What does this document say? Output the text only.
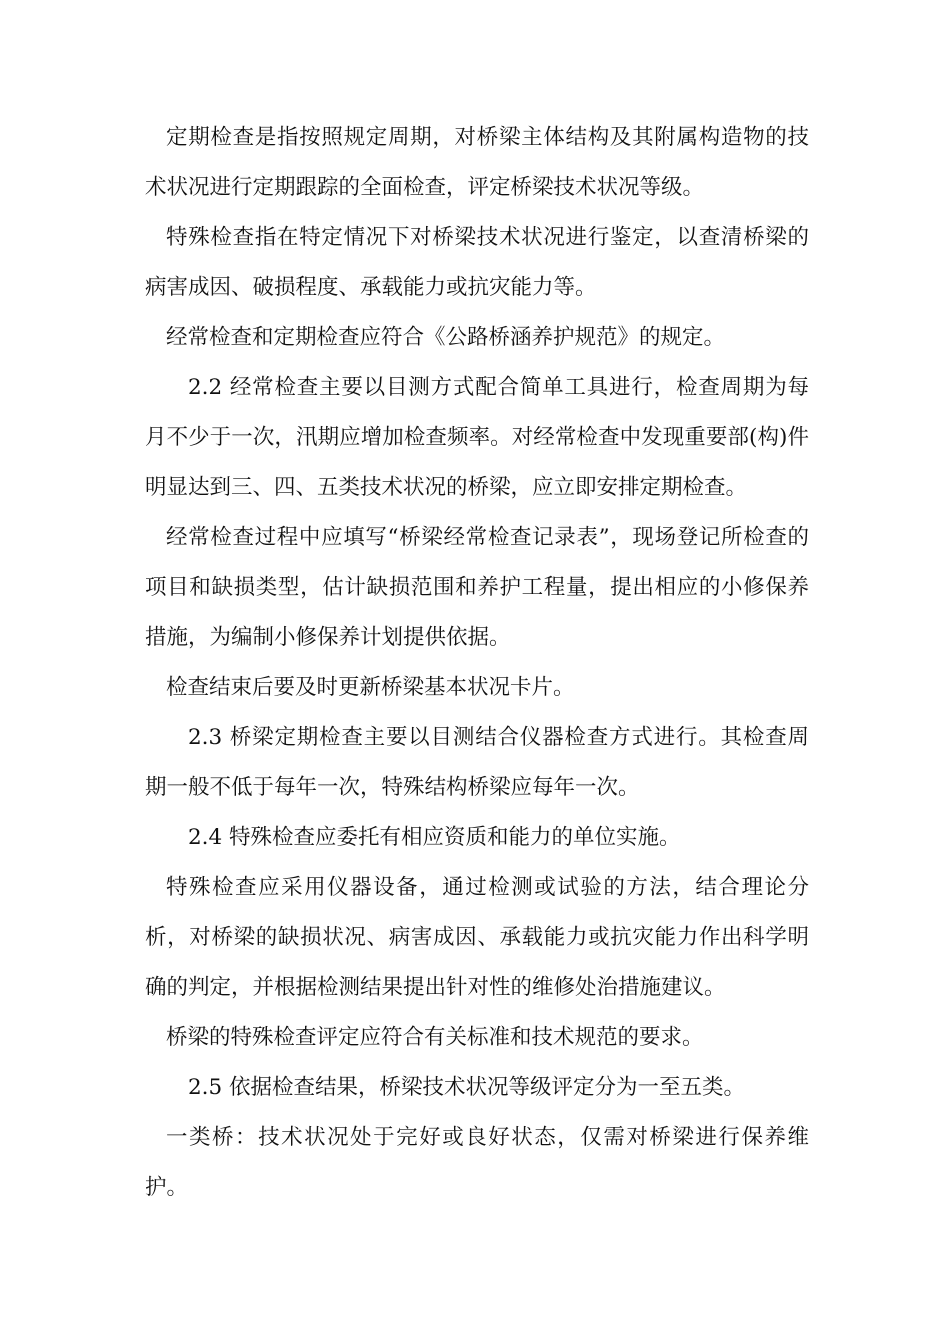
定期检查是指按照规定周期，对桥梁主体结构及其附属构造物的技术状况进行定期跟踪的全面检查，评定桥梁技术状况等级。

特殊检查指在特定情况下对桥梁技术状况进行鉴定，以查清桥梁的病害成因、破损程度、承载能力或抗灾能力等。

经常检查和定期检查应符合《公路桥涵养护规范》的规定。

2.2 经常检查主要以目测方式配合简单工具进行，检查周期为每月不少于一次，汛期应增加检查频率。对经常检查中发现重要部(构)件明显达到三、四、五类技术状况的桥梁，应立即安排定期检查。

经常检查过程中应填写“桥梁经常检查记录表”，现场登记所检查的项目和缺损类型，估计缺损范围和养护工程量，提出相应的小修保养措施，为编制小修保养计划提供依据。

检查结束后要及时更新桥梁基本状况卡片。

2.3 桥梁定期检查主要以目测结合仪器检查方式进行。其检查周期一般不低于每年一次，特殊结构桥梁应每年一次。

2.4 特殊检查应委托有相应资质和能力的单位实施。

特殊检查应采用仪器设备，通过检测或试验的方法，结合理论分析，对桥梁的缺损状况、病害成因、承载能力或抗灾能力作出科学明确的判定，并根据检测结果提出针对性的维修处治措施建议。

桥梁的特殊检查评定应符合有关标准和技术规范的要求。

2.5 依据检查结果，桥梁技术状况等级评定分为一至五类。

一类桥：技术状况处于完好或良好状态，仅需对桥梁进行保养维护。
